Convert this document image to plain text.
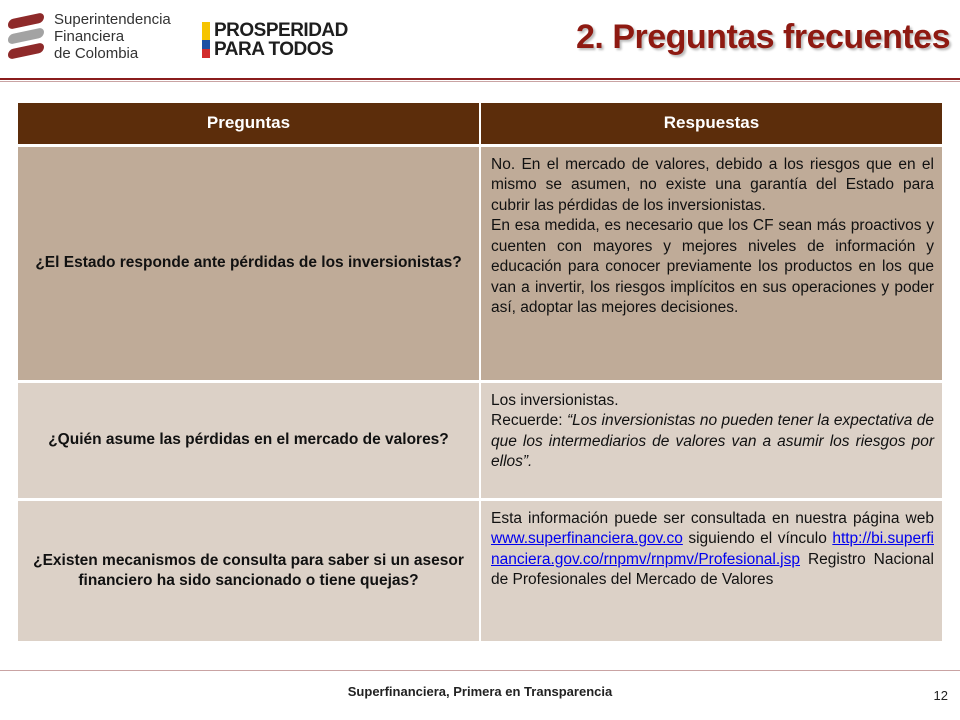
Superintendencia
Financiera
de Colombia
PROSPERIDAD
PARA TODOS	2. Preguntas frecuentes
Preguntas	Respuestas
¿El Estado responde ante pérdidas de los inversionistas?	No. En el mercado de valores, debido a los riesgos que en el mismo se asumen, no existe una garantía del Estado para cubrir las pérdidas de los inversionistas.

En esa medida, es necesario que los CF sean más proactivos y cuenten con mayores y mejores niveles de información y educación para conocer previamente los productos en los que van a invertir, los riesgos implícitos en sus operaciones y poder así, adoptar las mejores decisiones.

¿Quién asume las pérdidas en el mercado de valores?	Los inversionistas.

Recuerde: “Los inversionistas no pueden tener la expectativa de que los intermediarios de valores van a asumir los riesgos por ellos”.

¿Existen mecanismos de consulta para saber si un asesor financiero ha sido sancionado o tiene quejas?	Esta información puede ser consultada en nuestra página web www.superfinanciera.gov.co siguiendo el vínculo http://bi.superfinanciera.gov.co/rnpmv/rnpmv/Profesional.jsp Registro Nacional de Profesionales del Mercado de Valores

Superfinanciera, Primera en Transparencia	12
